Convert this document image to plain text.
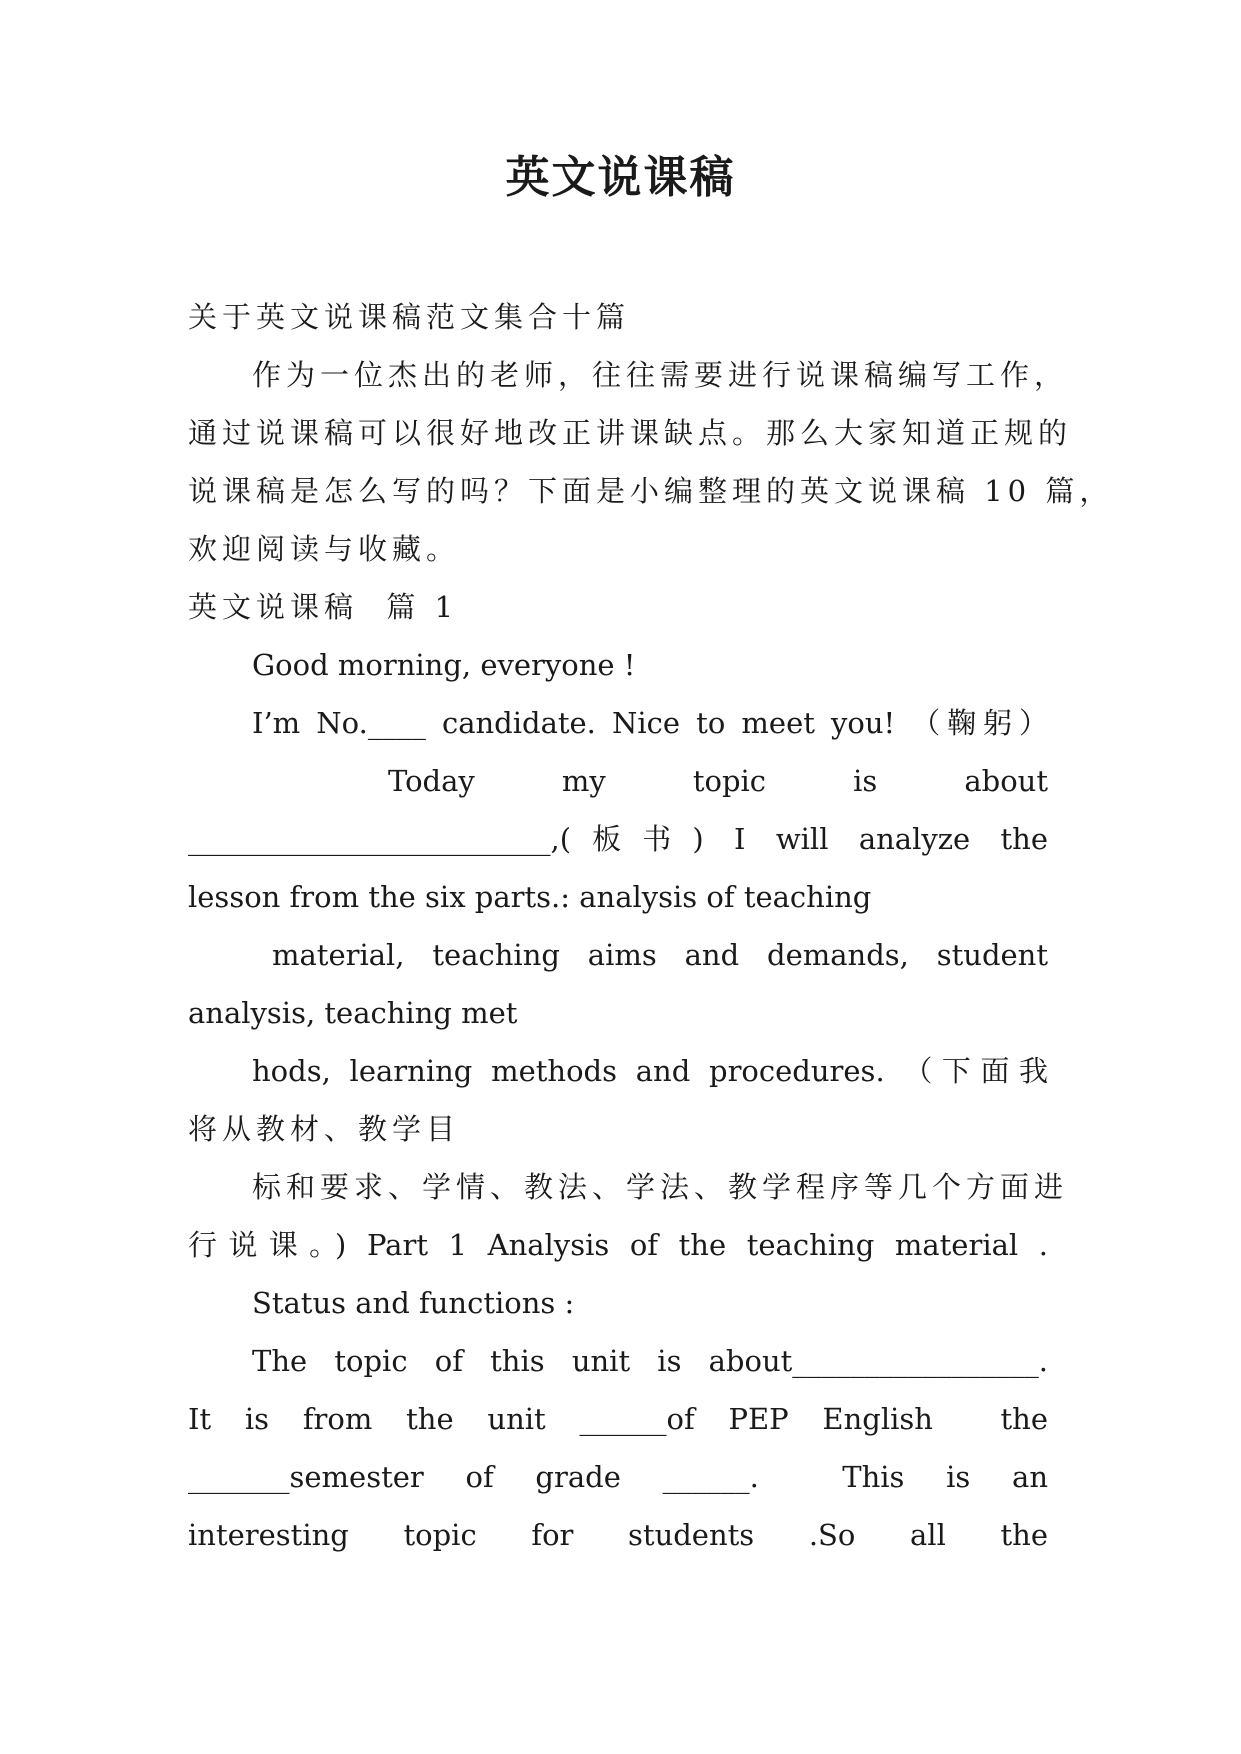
英文说课稿
关于英文说课稿范文集合十篇
作为一位杰出的老师，往往需要进行说课稿编写工作，
通过说课稿可以很好地改正讲课缺点。那么大家知道正规的
说课稿是怎么写的吗？下面是小编整理的英文说课稿 10 篇，
欢迎阅读与收藏。
英文说课稿  篇 1
Good morning, everyone !
I’m No.____ candidate. Nice to meet you! （鞠躬）
Today   my   topic   is   about
_________________________,(板书) I will analyze the
lesson from the six parts.: analysis of teaching
material, teaching aims and demands, student
analysis, teaching met
hods, learning methods and procedures. （下面我
将从教材、教学目
标和要求、学情、教法、学法、教学程序等几个方面进
行说课。) Part 1 Analysis of the teaching material .
Status and functions :
The topic of this unit is about_________________.
It is from the unit ______of PEP English  the
_______semester of grade ______.  This is an
interesting topic for students .So all the
